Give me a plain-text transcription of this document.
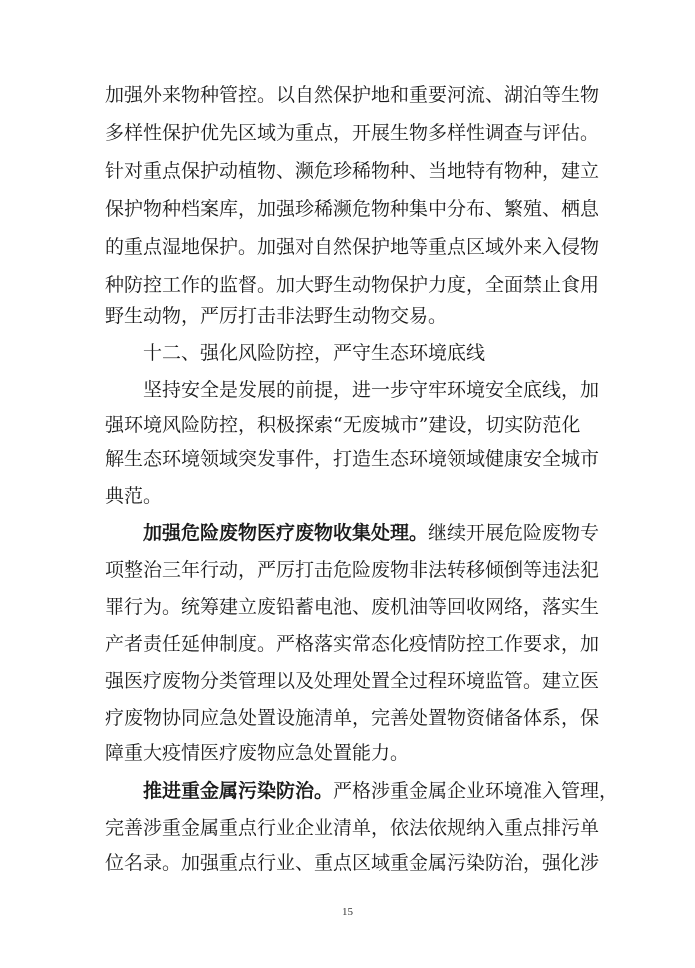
加强外来物种管控。以自然保护地和重要河流、湖泊等生物
多样性保护优先区域为重点，开展生物多样性调查与评估。
针对重点保护动植物、濒危珍稀物种、当地特有物种，建立
保护物种档案库，加强珍稀濒危物种集中分布、繁殖、栖息
的重点湿地保护。加强对自然保护地等重点区域外来入侵物
种防控工作的监督。加大野生动物保护力度，全面禁止食用
野生动物，严厉打击非法野生动物交易。
十二、强化风险防控，严守生态环境底线
坚持安全是发展的前提，进一步守牢环境安全底线，加
强环境风险防控，积极探索“无废城市”建设，切实防范化
解生态环境领域突发事件，打造生态环境领域健康安全城市
典范。
加强危险废物医疗废物收集处理。继续开展危险废物专
项整治三年行动，严厉打击危险废物非法转移倾倒等违法犯
罪行为。统筹建立废铅蓄电池、废机油等回收网络，落实生
产者责任延伸制度。严格落实常态化疫情防控工作要求，加
强医疗废物分类管理以及处理处置全过程环境监管。建立医
疗废物协同应急处置设施清单，完善处置物资储备体系，保
障重大疫情医疗废物应急处置能力。
推进重金属污染防治。严格涉重金属企业环境准入管理，
完善涉重金属重点行业企业清单，依法依规纳入重点排污单
位名录。加强重点行业、重点区域重金属污染防治，强化涉
15
